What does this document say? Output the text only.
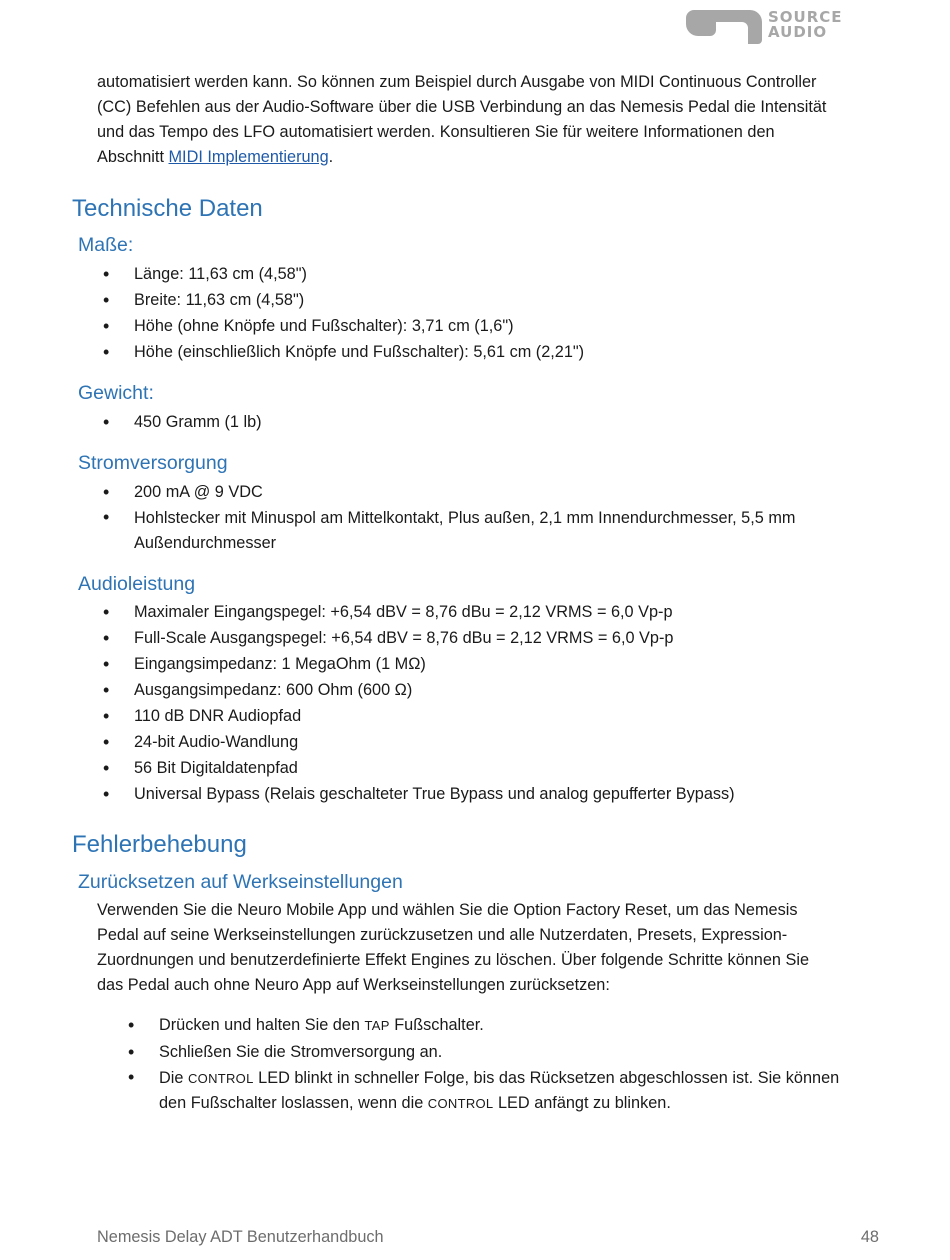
SOURCE
AUDIO

automatisiert werden kann. So können zum Beispiel durch Ausgabe von MIDI Continuous Controller
(CC) Befehlen aus der Audio-Software über die USB Verbindung an das Nemesis Pedal die Intensität
und das Tempo des LFO automatisiert werden. Konsultieren Sie für weitere Informationen den
Abschnitt MIDI Implementierung.

Technische Daten
Maße:
• Länge: 11,63 cm (4,58")
• Breite: 11,63 cm (4,58")
• Höhe (ohne Knöpfe und Fußschalter): 3,71 cm (1,6")
• Höhe (einschließlich Knöpfe und Fußschalter): 5,61 cm (2,21")
Gewicht:
• 450 Gramm (1 lb)
Stromversorgung
• 200 mA @ 9 VDC
• Hohlstecker mit Minuspol am Mittelkontakt, Plus außen, 2,1 mm Innendurchmesser, 5,5 mm
Außendurchmesser
Audioleistung
• Maximaler Eingangspegel: +6,54 dBV = 8,76 dBu = 2,12 VRMS = 6,0 Vp-p
• Full-Scale Ausgangspegel: +6,54 dBV = 8,76 dBu = 2,12 VRMS = 6,0 Vp-p
• Eingangsimpedanz: 1 MegaOhm (1 MΩ)
• Ausgangsimpedanz: 600 Ohm (600 Ω)
• 110 dB DNR Audiopfad
• 24-bit Audio-Wandlung
• 56 Bit Digitaldatenpfad
• Universal Bypass (Relais geschalteter True Bypass und analog gepufferter Bypass)
Fehlerbehebung
Zurücksetzen auf Werkseinstellungen

Verwenden Sie die Neuro Mobile App und wählen Sie die Option Factory Reset, um das Nemesis
Pedal auf seine Werkseinstellungen zurückzusetzen und alle Nutzerdaten, Presets, Expression-
Zuordnungen und benutzerdefinierte Effekt Engines zu löschen. Über folgende Schritte können Sie
das Pedal auch ohne Neuro App auf Werkseinstellungen zurücksetzen:

• Drücken und halten Sie den TAP Fußschalter.
• Schließen Sie die Stromversorgung an.
• Die CONTROL LED blinkt in schneller Folge, bis das Rücksetzen abgeschlossen ist. Sie können
den Fußschalter loslassen, wenn die CONTROL LED anfängt zu blinken.
Nemesis Delay ADT Benutzerhandbuch	48
